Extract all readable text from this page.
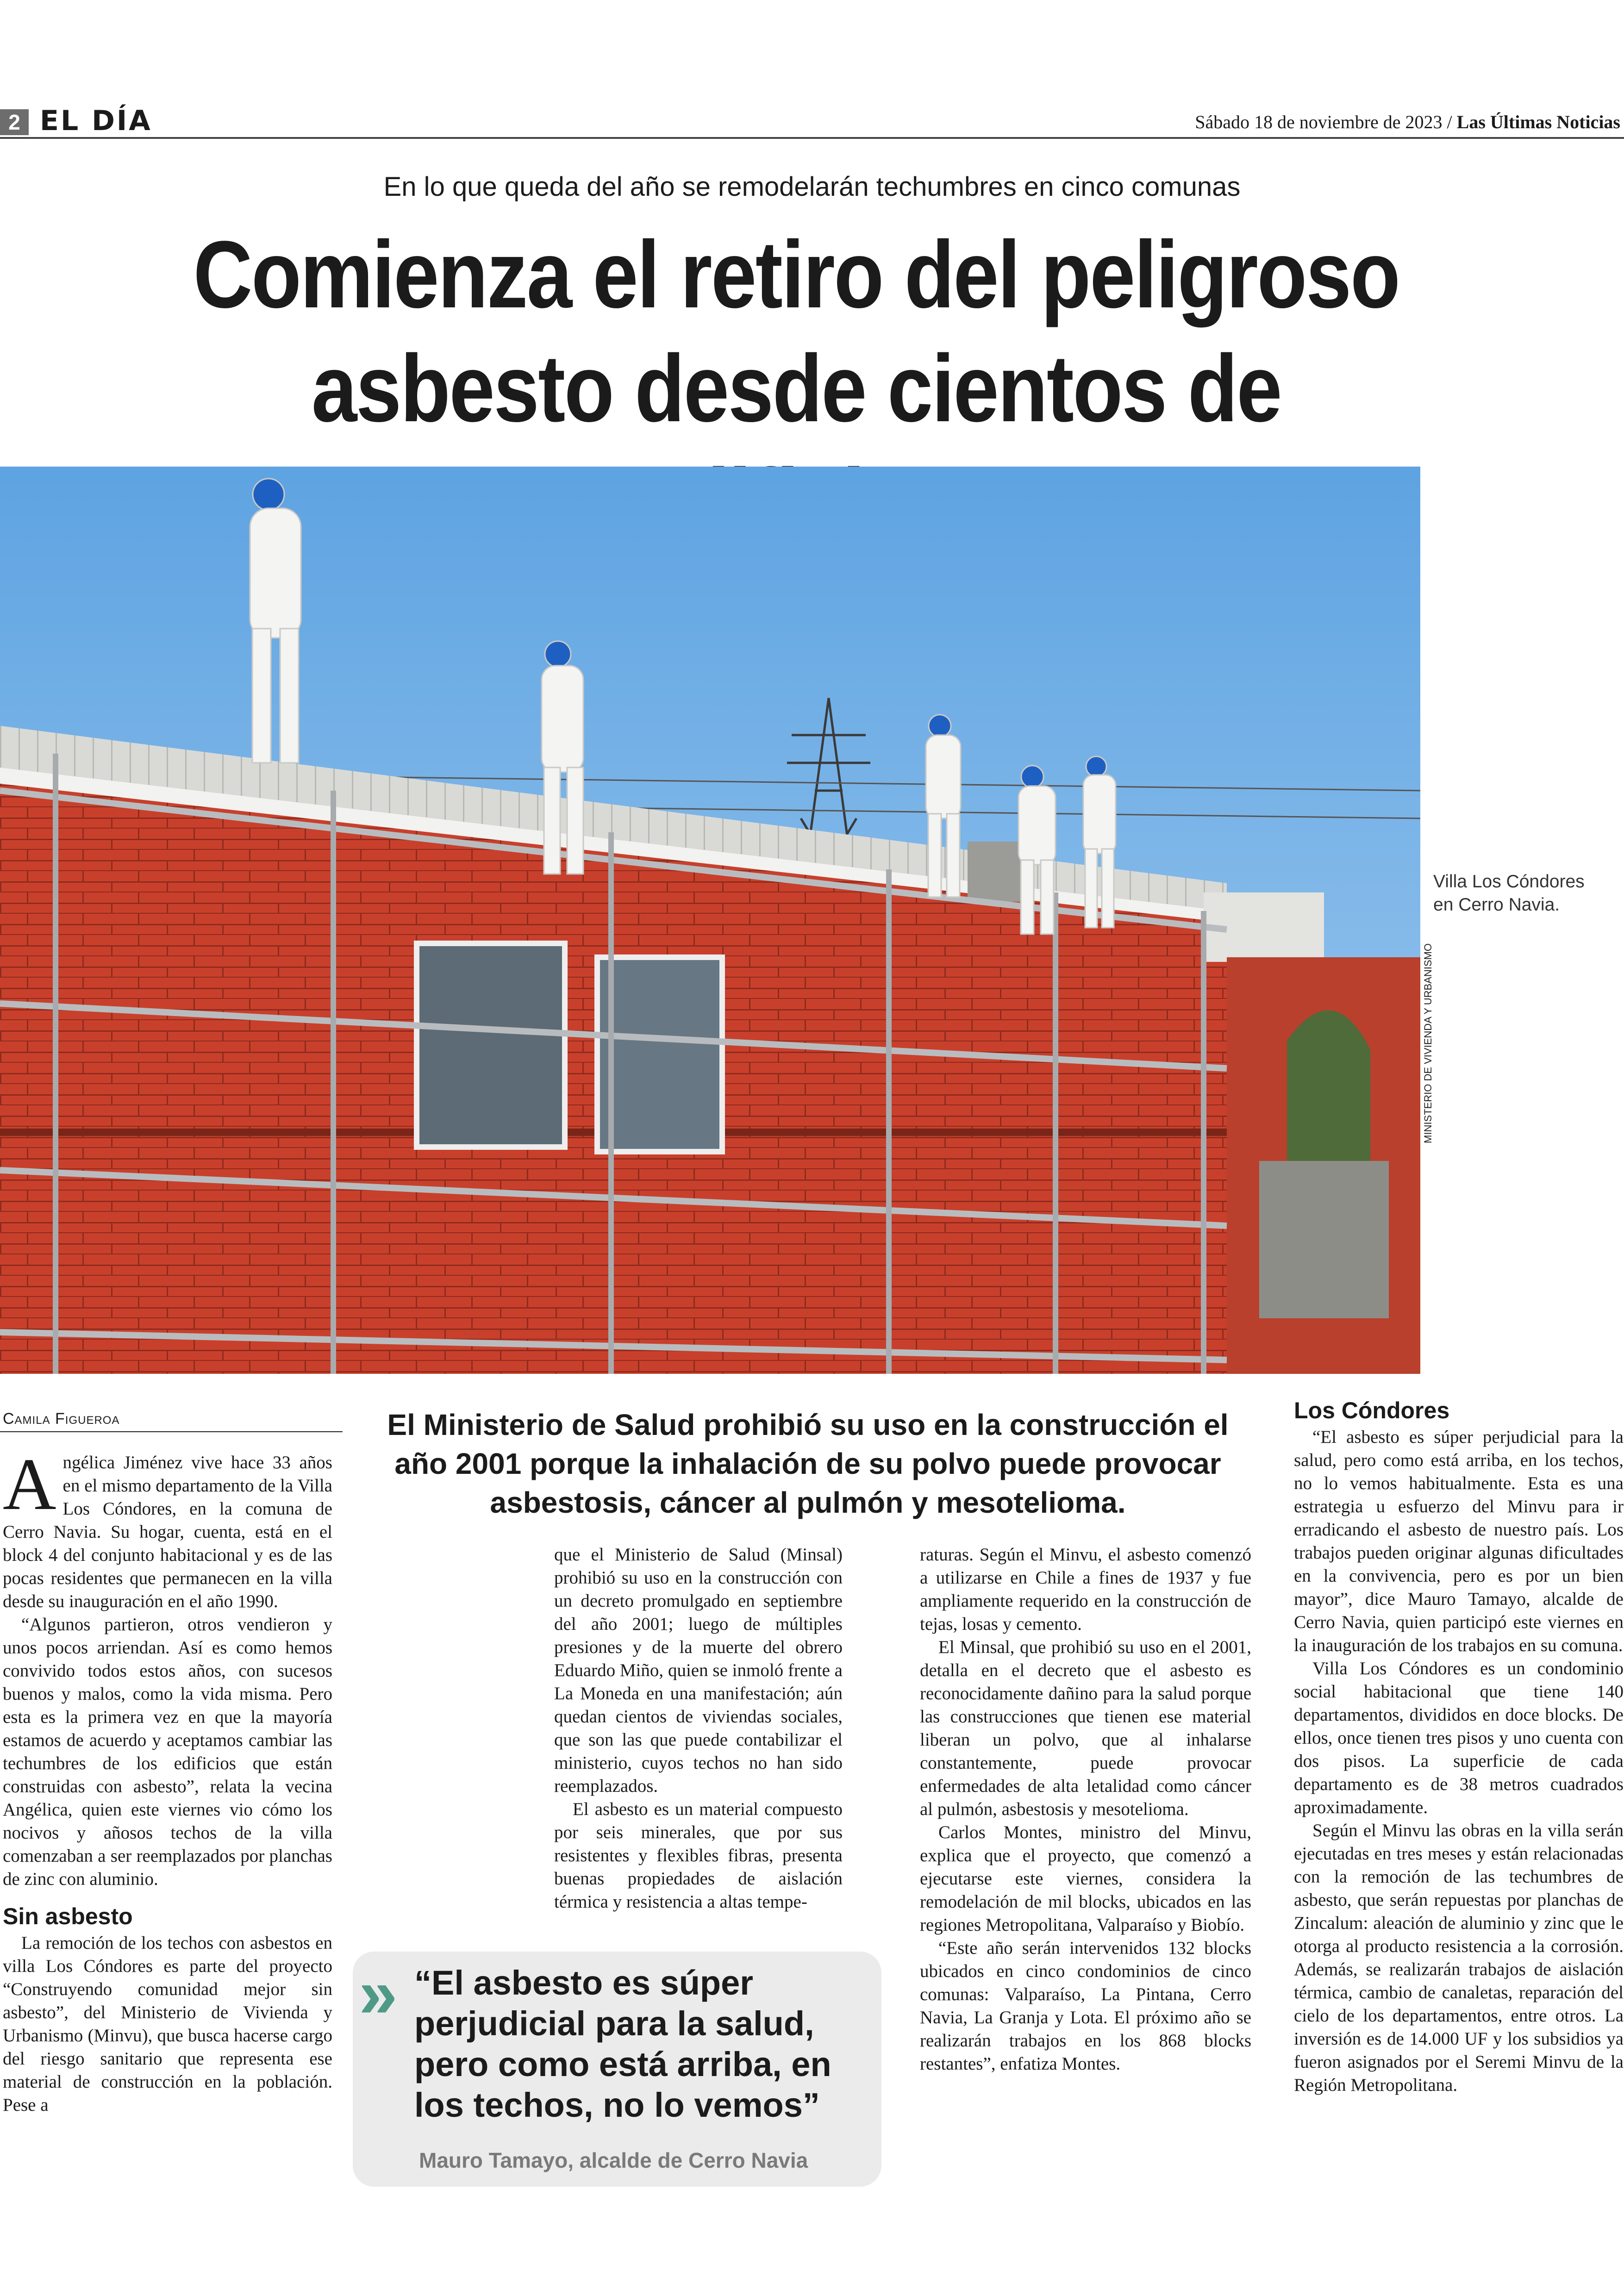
2 EL DÍA	Sábado 18 de noviembre de 2023 / Las Últimas Noticias
En lo que queda del año se remodelarán techumbres en cinco comunas
Comienza el retiro del peligroso
asbesto desde cientos de
Villa Los Cóndores en Cerro Navia.
MINISTERIO DE VIVIENDA Y URBANISMO
Camila Figueroa	El Ministerio de Salud prohibió su uso en la construcción el año 2001 porque la inhalación de su polvo puede provocar asbestosis, cáncer al pulmón y mesotelioma.

Angélica Jiménez vive hace 33 años en el mismo departamento de la Villa Los Cóndores, en la comuna de Cerro Navia. Su hogar, cuenta, está en el block 4 del conjunto habitacional y es de las pocas residentes que permanecen en la villa desde su inauguración en el año 1990.

“Algunos partieron, otros vendieron y unos pocos arriendan. Así es como hemos convivido todos estos años, con sucesos buenos y malos, como la vida misma. Pero esta es la primera vez en que la mayoría estamos de acuerdo y aceptamos cambiar las techumbres de los edificios que están construidas con asbesto”, relata la vecina Angélica, quien este viernes vio cómo los nocivos y añosos techos de la villa comenzaban a ser reemplazados por planchas de zinc con aluminio.

Sin asbesto

La remoción de los techos con asbestos en villa Los Cóndores es parte del proyecto “Construyendo comunidad mejor sin asbesto”, del Ministerio de Vivienda y Urbanismo (Minvu), que busca hacerse cargo del riesgo sanitario que representa ese material de construcción en la población. Pese a

que el Ministerio de Salud (Minsal) prohibió su uso en la construcción con un decreto promulgado en septiembre del año 2001; luego de múltiples presiones y de la muerte del obrero Eduardo Miño, quien se inmoló frente a La Moneda en una manifestación; aún quedan cientos de viviendas sociales, que son las que puede contabilizar el ministerio, cuyos techos no han sido reemplazados.

El asbesto es un material compuesto por seis minerales, que por sus resistentes y flexibles fibras, presenta buenas propiedades de aislación térmica y resistencia a altas tempe-

raturas. Según el Minvu, el asbesto comenzó a utilizarse en Chile a fines de 1937 y fue ampliamente requerido en la construcción de tejas, losas y cemento.

El Minsal, que prohibió su uso en el 2001, detalla en el decreto que el asbesto es reconocidamente dañino para la salud porque las construcciones que tienen ese material liberan un polvo, que al inhalarse constantemente, puede provocar enfermedades de alta letalidad como cáncer al pulmón, asbestosis y mesotelioma.

Carlos Montes, ministro del Minvu, explica que el proyecto, que comenzó a ejecutarse este viernes, considera la remodelación de mil blocks, ubicados en las regiones Metropolitana, Valparaíso y Biobío.

“Este año serán intervenidos 132 blocks ubicados en cinco condominios de cinco comunas: Valparaíso, La Pintana, Cerro Navia, La Granja y Lota. El próximo año se realizarán trabajos en los 868 blocks restantes”, enfatiza Montes.

Los Cóndores

“El asbesto es súper perjudicial para la salud, pero como está arriba, en los techos, no lo vemos habitualmente. Esta es una estrategia u esfuerzo del Minvu para ir erradicando el asbesto de nuestro país. Los trabajos pueden originar algunas dificultades en la convivencia, pero es por un bien mayor”, dice Mauro Tamayo, alcalde de Cerro Navia, quien participó este viernes en la inauguración de los trabajos en su comuna.

Villa Los Cóndores es un condominio social habitacional que tiene 140 departamentos, divididos en doce blocks. De ellos, once tienen tres pisos y uno cuenta con dos pisos. La superficie de cada departamento es de 38 metros cuadrados aproximadamente.

Según el Minvu las obras en la villa serán ejecutadas en tres meses y están relacionadas con la remoción de las techumbres de asbesto, que serán repuestas por planchas de Zincalum: aleación de aluminio y zinc que le otorga al producto resistencia a la corrosión. Además, se realizarán trabajos de aislación térmica, cambio de canaletas, reparación del cielo de los departamentos, entre otros. La inversión es de 14.000 UF y los subsidios ya fueron asignados por el Seremi Minvu de la Región Metropolitana.

» “El asbesto es súper perjudicial para la salud, pero como está arriba, en los techos, no lo vemos”
Mauro Tamayo, alcalde de Cerro Navia
